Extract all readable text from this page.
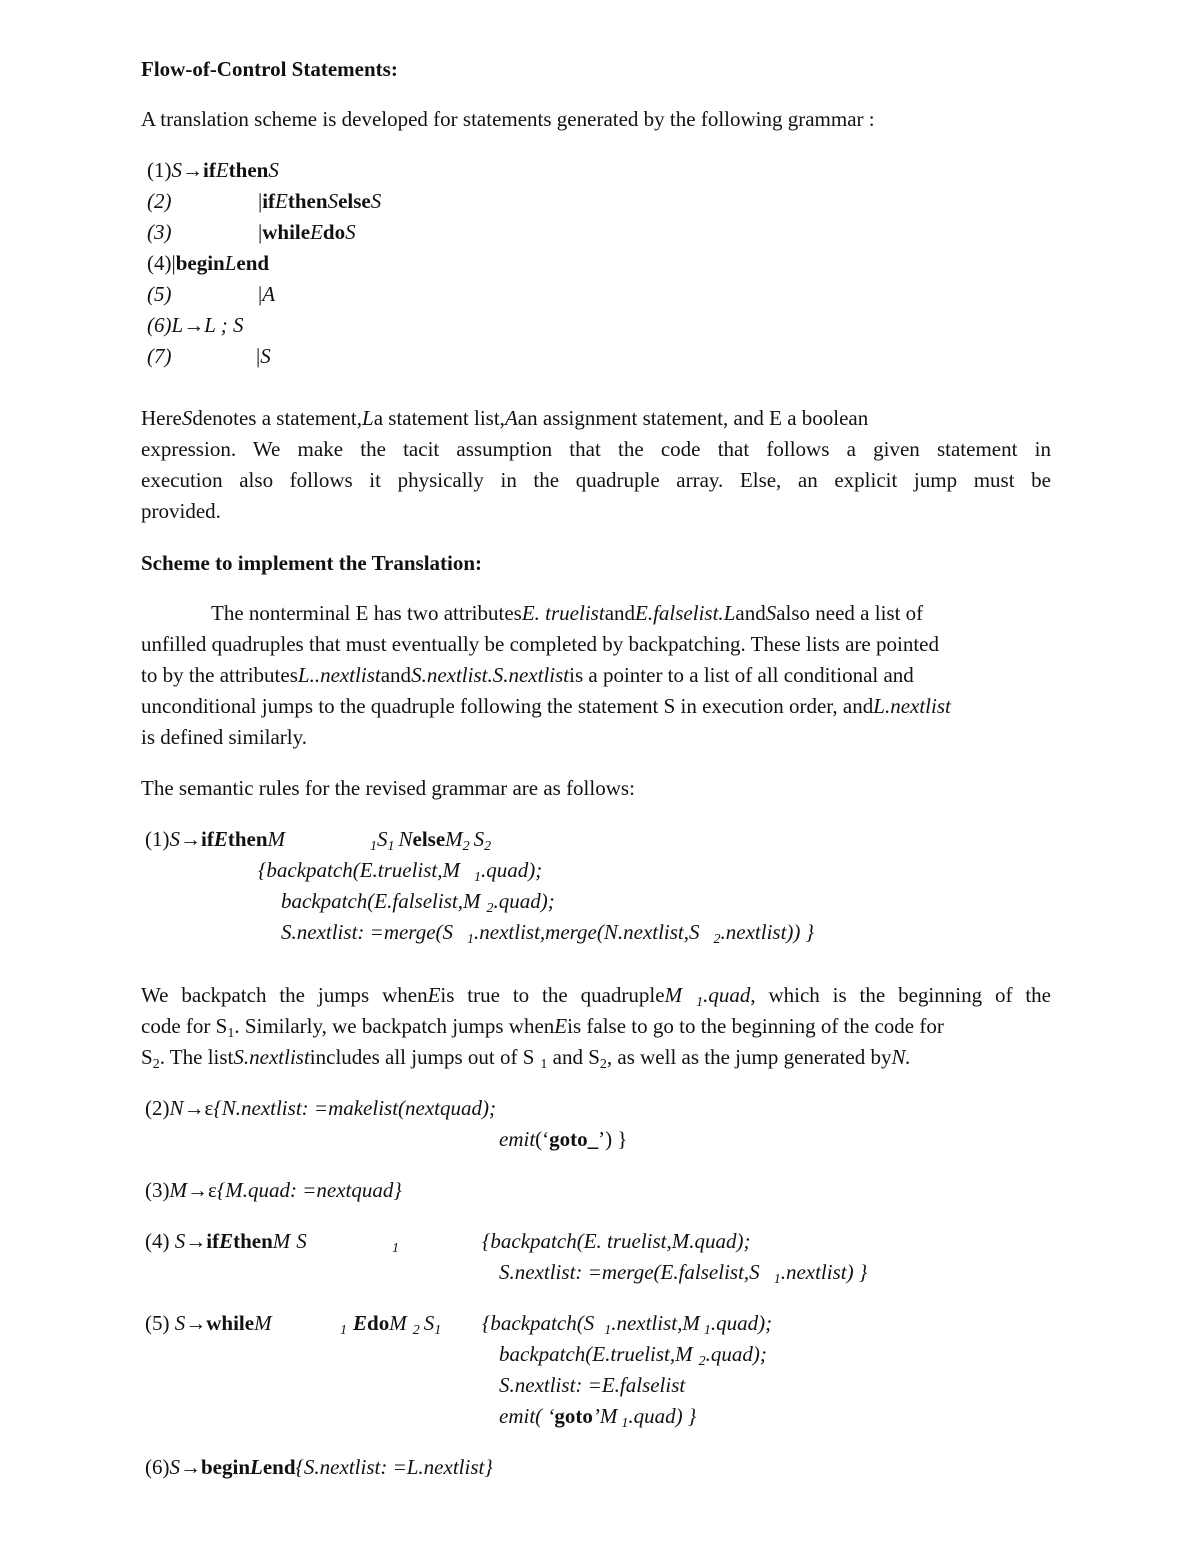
Flow-of-Control Statements:
A translation scheme is developed for statements generated by the following grammar :
(1)S→ifEthenS
(2)	|ifEthenSelseS
(3)	|whileEdoS
(4)|beginLend
(5)	|A
(6)L→L ; S
(7)	|S
HereSdenotes a statement,La statement list,Aan assignment statement, and E a boolean
expression. We make the tacit assumption that the code that follows a given statement in
execution also follows it physically in the quadruple array. Else, an explicit jump must be
provided.
Scheme to implement the Translation:
The nonterminal E has two attributesE. truelistandE.falselist.LandSalso need a list of
unfilled quadruples that must eventually be completed by backpatching. These lists are pointed
to by the attributesL..nextlistandS.nextlist.S.nextlistis a pointer to a list of all conditional and
unconditional jumps to the quadruple following the statement S in execution order, andL.nextlist
is defined similarly.
The semantic rules for the revised grammar are as follows:
(1)S→ifEthenM	$_1S_1$ NelseM$_2$ $S_2$
{backpatch(E.truelist,M $_1$.quad);
backpatch(E.falselist,M $_2$.quad);
S.nextlist: =merge(S $_1$.nextlist,merge(N.nextlist,S $_2$.nextlist)) }
We backpatch the jumps whenEis true to the quadrupleM $_1$.quad, which is the beginning of the
code for S1. Similarly, we backpatch jumps whenEis false to go to the beginning of the code for
S2. The listS.nextlistincludes all jumps out of S 1 and S2, as well as the jump generated byN.
(2)N→ε{N.nextlist: =makelist(nextquad);
emit(‘goto_’) }
(3)M→ε{M.quad: =nextquad}
(4) S→ifEthenM S	$_1$	{backpatch(E. truelist,M.quad);
S.nextlist: =merge(E.falselist,S $_1$.nextlist) }
(5) S→whileM	$_1$ EdoM $_2$ $S_1$ {backpatch(S $_1$.nextlist,M $_1$.quad);
backpatch(E.truelist,M $_2$.quad);
S.nextlist: =E.falselist
emit( ‘goto’M $_1$.quad) }
(6)S→beginLend{S.nextlist: =L.nextlist}
